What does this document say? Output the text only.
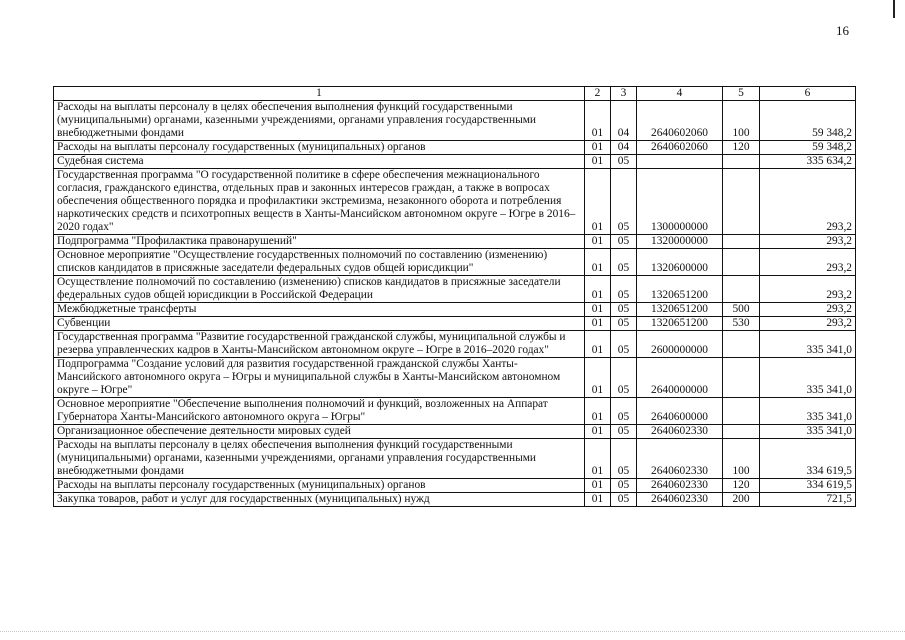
16
1	2	3	4	5	6
Расходы на выплаты персоналу в целях обеспечения выполнения функций государственными (муниципальными) органами, казенными учреждениями, органами управления государственными внебюджетными фондами	01	04	2640602060	100	59 348,2
Расходы на выплаты персоналу государственных (муниципальных) органов	01	04	2640602060	120	59 348,2
Судебная система	01	05			335 634,2
Государственная программа "О государственной политике в сфере обеспечения межнационального согласия, гражданского единства, отдельных прав и законных интересов граждан, а также в вопросах обеспечения общественного порядка и профилактики экстремизма, незаконного оборота и потребления наркотических средств и психотропных веществ в Ханты-Мансийском автономном округе – Югре в 2016–2020 годах"	01	05	1300000000		293,2
Подпрограмма "Профилактика правонарушений"	01	05	1320000000		293,2
Основное мероприятие "Осуществление государственных полномочий по составлению (изменению) списков кандидатов в присяжные заседатели федеральных судов общей юрисдикции"	01	05	1320600000		293,2
Осуществление полномочий по составлению (изменению) списков кандидатов в присяжные заседатели федеральных судов общей юрисдикции в Российской Федерации	01	05	1320651200		293,2
Межбюджетные трансферты	01	05	1320651200	500	293,2
Субвенции	01	05	1320651200	530	293,2
Государственная программа "Развитие государственной гражданской службы, муниципальной службы и резерва управленческих кадров в Ханты-Мансийском автономном округе – Югре в 2016–2020 годах"	01	05	2600000000		335 341,0
Подпрограмма "Создание условий для развития государственной гражданской службы Ханты-Мансийского автономного округа – Югры и муниципальной службы в Ханты-Мансийском автономном округе – Югре"	01	05	2640000000		335 341,0
Основное мероприятие "Обеспечение выполнения полномочий и функций, возложенных на Аппарат Губернатора Ханты-Мансийского автономного округа – Югры"	01	05	2640600000		335 341,0
Организационное обеспечение деятельности мировых судей	01	05	2640602330		335 341,0
Расходы на выплаты персоналу в целях обеспечения выполнения функций государственными (муниципальными) органами, казенными учреждениями, органами управления государственными внебюджетными фондами	01	05	2640602330	100	334 619,5
Расходы на выплаты персоналу государственных (муниципальных) органов	01	05	2640602330	120	334 619,5
Закупка товаров, работ и услуг для государственных (муниципальных) нужд	01	05	2640602330	200	721,5
